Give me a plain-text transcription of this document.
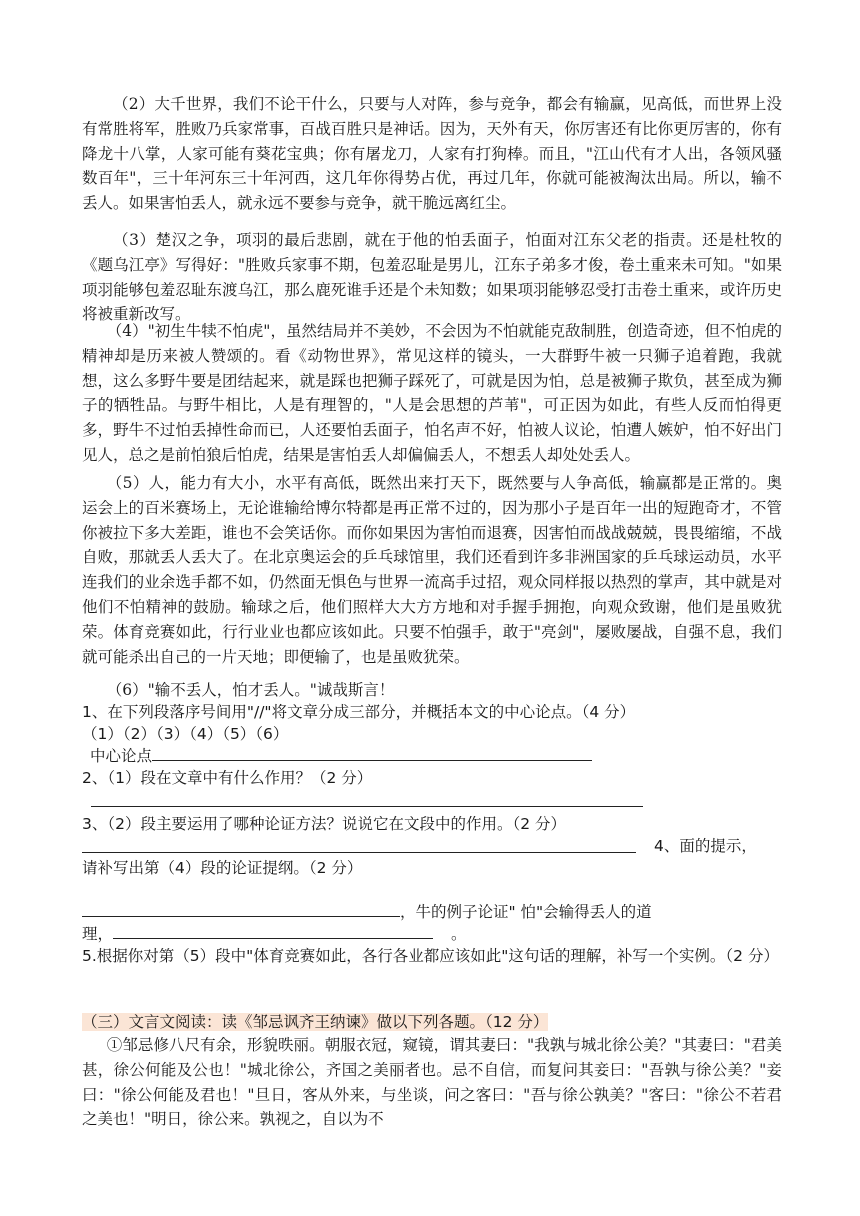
（2）大千世界，我们不论干什么，只要与人对阵，参与竞争，都会有输赢，见高低，而世界上没有常胜将军，胜败乃兵家常事，百战百胜只是神话。因为，天外有天，你厉害还有比你更厉害的，你有降龙十八掌，人家可能有葵花宝典；你有屠龙刀，人家有打狗棒。而且，"江山代有才人出，各领风骚数百年"，三十年河东三十年河西，这几年你得势占优，再过几年，你就可能被淘汰出局。所以，输不丢人。如果害怕丢人，就永远不要参与竞争，就干脆远离红尘。
（3）楚汉之争，项羽的最后悲剧，就在于他的怕丢面子，怕面对江东父老的指责。还是杜牧的《题乌江亭》写得好："胜败兵家事不期，包羞忍耻是男儿，江东子弟多才俊，卷土重来未可知。"如果项羽能够包羞忍耻东渡乌江，那么鹿死谁手还是个未知数；如果项羽能够忍受打击卷土重来，或许历史将被重新改写。
（4）"初生牛犊不怕虎"，虽然结局并不美妙，不会因为不怕就能克敌制胜，创造奇迹，但不怕虎的精神却是历来被人赞颂的。看《动物世界》，常见这样的镜头，一大群野牛被一只狮子追着跑，我就想，这么多野牛要是团结起来，就是踩也把狮子踩死了，可就是因为怕，总是被狮子欺负，甚至成为狮子的牺牲品。与野牛相比，人是有理智的，"人是会思想的芦苇"，可正因为如此，有些人反而怕得更多，野牛不过怕丢掉性命而已，人还要怕丢面子，怕名声不好，怕被人议论，怕遭人嫉妒，怕不好出门见人，总之是前怕狼后怕虎，结果是害怕丢人却偏偏丢人，不想丢人却处处丢人。
（5）人，能力有大小，水平有高低，既然出来打天下，既然要与人争高低，输赢都是正常的。奥运会上的百米赛场上，无论谁输给博尔特都是再正常不过的，因为那小子是百年一出的短跑奇才，不管你被拉下多大差距，谁也不会笑话你。而你如果因为害怕而退赛，因害怕而战战兢兢，畏畏缩缩，不战自败，那就丢人丢大了。在北京奥运会的乒乓球馆里，我们还看到许多非洲国家的乒乓球运动员，水平连我们的业余选手都不如，仍然面无惧色与世界一流高手过招，观众同样报以热烈的掌声，其中就是对他们不怕精神的鼓励。输球之后，他们照样大大方方地和对手握手拥抱，向观众致谢，他们是虽败犹荣。体育竞赛如此，行行业业也都应该如此。只要不怕强手，敢于"亮剑"，屡败屡战，自强不息，我们就可能杀出自己的一片天地；即便输了，也是虽败犹荣。
（6）"输不丢人，怕才丢人。"诚哉斯言！
1、在下列段落序号间用"//"将文章分成三部分，并概括本文的中心论点。（4 分）
（1）（2）（3）（4）（5）（6）
中心论点
2、（1）段在文章中有什么作用？（2 分）
3、（2）段主要运用了哪种论证方法？说说它在文段中的作用。（2 分）
4、面的提示，
请补写出第（4）段的论证提纲。（2 分）
，牛的例子论证" 怕"会输得丢人的道
理，	。
5.根据你对第（5）段中"体育竞赛如此，各行各业都应该如此"这句话的理解，补写一个实例。（2 分）
（三）文言文阅读：读《邹忌讽齐王纳谏》做以下列各题。（12 分）
①邹忌修八尺有余，形貌昳丽。朝服衣冠，窥镜，谓其妻曰："我孰与城北徐公美？"其妻曰："君美甚，徐公何能及公也！"城北徐公，齐国之美丽者也。忌不自信，而复问其妾曰："吾孰与徐公美？"妾曰："徐公何能及君也！"旦日，客从外来，与坐谈，问之客曰："吾与徐公孰美？"客曰："徐公不若君之美也！"明日，徐公来。孰视之，自以为不
